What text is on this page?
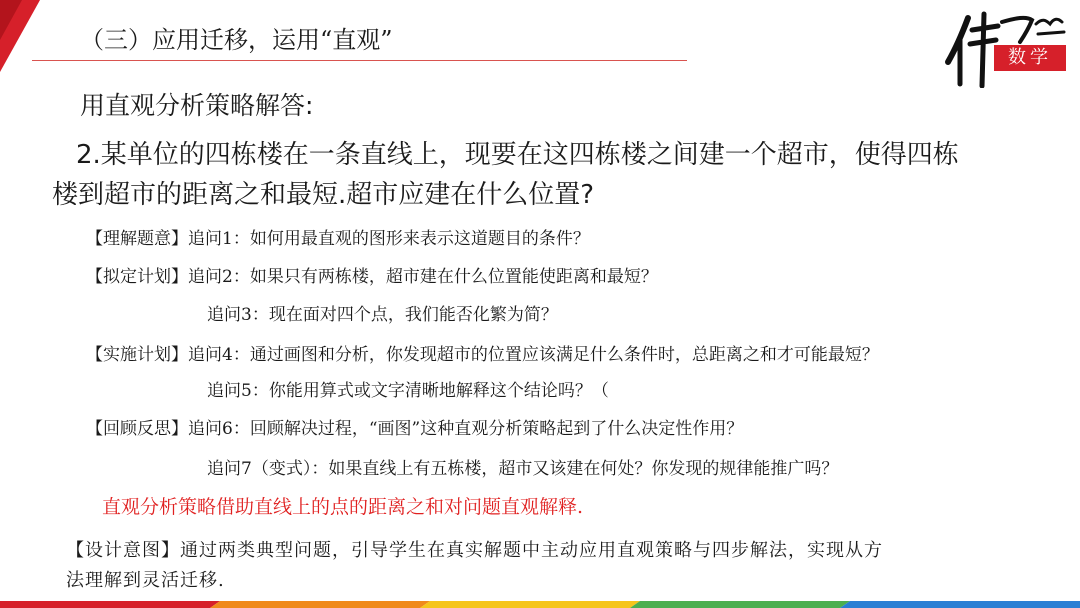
（三）应用迁移，运用“直观”
数学
用直观分析策略解答:
2.某单位的四栋楼在一条直线上，现要在这四栋楼之间建一个超市，使得四栋
楼到超市的距离之和最短.超市应建在什么位置?
【理解题意】追问1：如何用最直观的图形来表示这道题目的条件？
【拟定计划】追问2：如果只有两栋楼，超市建在什么位置能使距离和最短？
追问3：现在面对四个点，我们能否化繁为简？
【实施计划】追问4：通过画图和分析，你发现超市的位置应该满足什么条件时，总距离之和才可能最短？
追问5：你能用算式或文字清晰地解释这个结论吗？（
【回顾反思】追问6：回顾解决过程，“画图”这种直观分析策略起到了什么决定性作用？
追问7（变式）：如果直线上有五栋楼，超市又该建在何处？你发现的规律能推广吗？
直观分析策略借助直线上的点的距离之和对问题直观解释.
【设计意图】通过两类典型问题，引导学生在真实解题中主动应用直观策略与四步解法，实现从方
法理解到灵活迁移.
